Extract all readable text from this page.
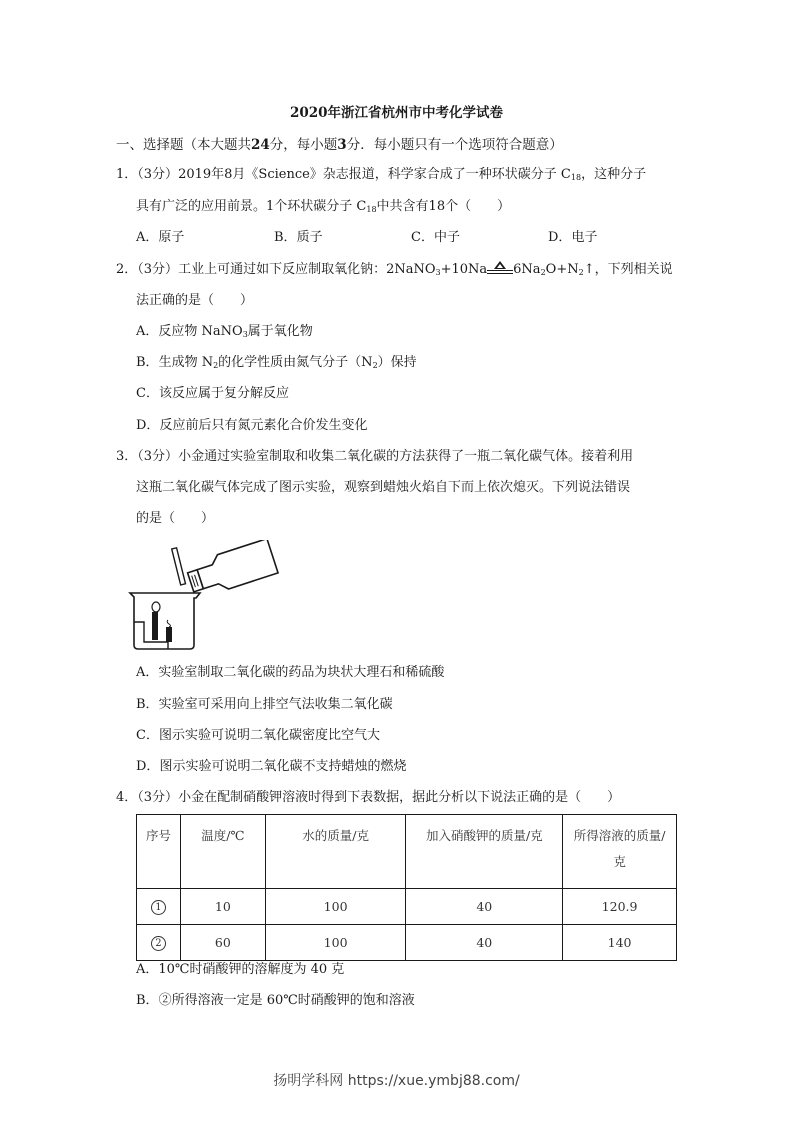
2020年浙江省杭州市中考化学试卷
一、选择题（本大题共24分，每小题3分．每小题只有一个选项符合题意）
1．（3分）2019年8月《Science》杂志报道，科学家合成了一种环状碳分子 $C_{18}$，这种分子
具有广泛的应用前景。1个环状碳分子 $C_{18}$中共含有18个（　　）
A．原子	B．质子	C．中子	D．电子
2．（3分）工业上可通过如下反应制取氧化钠：2NaNO$_3$+10Na $6Na_2O+N_2↑$，下列相关说
法正确的是（　　）
A．反应物 NaNO$_3$属于氧化物
B．生成物 $N_2$的化学性质由氮气分子$(N_2)$保持
C．该反应属于复分解反应
D．反应前后只有氮元素化合价发生变化
3．（3分）小金通过实验室制取和收集二氧化碳的方法获得了一瓶二氧化碳气体。接着利用
这瓶二氧化碳气体完成了图示实验，观察到蜡烛火焰自下而上依次熄灭。下列说法错误
的是（　　）
A．实验室制取二氧化碳的药品为块状大理石和稀硫酸
B．实验室可采用向上排空气法收集二氧化碳
C．图示实验可说明二氧化碳密度比空气大
D．图示实验可说明二氧化碳不支持蜡烛的燃烧
4．（3分）小金在配制硝酸钾溶液时得到下表数据，据此分析以下说法正确的是（　　）
序号	温度/℃	水的质量/克	加入硝酸钾的质量/克	所得溶液的质量/
克
1	10	100	40	120.9
2	60	100	40	140
A．10℃时硝酸钾的溶解度为 40 克
B．②所得溶液一定是 60℃时硝酸钾的饱和溶液
扬明学科网 https://xue.ymbj88.com/
